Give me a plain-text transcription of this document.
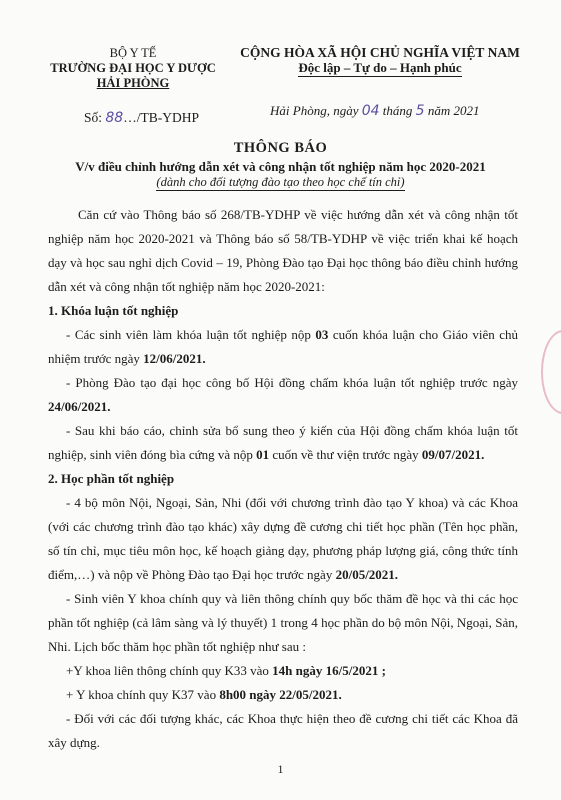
BỘ Y TẾ
TRƯỜNG ĐẠI HỌC Y DƯỢC
HẢI PHÒNG
CỘNG HÒA XÃ HỘI CHỦ NGHĨA VIỆT NAM
Độc lập – Tự do – Hạnh phúc
Số: 88…/TB-YDHP	Hải Phòng, ngày 04 tháng 5 năm 2021
THÔNG BÁO
V/v điều chỉnh hướng dẫn xét và công nhận tốt nghiệp năm học 2020-2021
(dành cho đối tượng đào tạo theo học chế tín chỉ)

Căn cứ vào Thông báo số 268/TB-YDHP về việc hướng dẫn xét và công nhận tốt nghiệp năm học 2020-2021 và Thông báo số 58/TB-YDHP về việc triển khai kế hoạch dạy và học sau nghỉ dịch Covid – 19, Phòng Đào tạo Đại học thông báo điều chỉnh hướng dẫn xét và công nhận tốt nghiệp năm học 2020-2021:

1. Khóa luận tốt nghiệp

- Các sinh viên làm khóa luận tốt nghiệp nộp 03 cuốn khóa luận cho Giáo viên chủ nhiệm trước ngày 12/06/2021.

- Phòng Đào tạo đại học công bố Hội đồng chấm khóa luận tốt nghiệp trước ngày 24/06/2021.

- Sau khi báo cáo, chỉnh sửa bổ sung theo ý kiến của Hội đồng chấm khóa luận tốt nghiệp, sinh viên đóng bìa cứng và nộp 01 cuốn về thư viện trước ngày 09/07/2021.

2. Học phần tốt nghiệp

- 4 bộ môn Nội, Ngoại, Sản, Nhi (đối với chương trình đào tạo Y khoa) và các Khoa (với các chương trình đào tạo khác) xây dựng đề cương chi tiết học phần (Tên học phần, số tín chỉ, mục tiêu môn học, kế hoạch giảng dạy, phương pháp lượng giá, công thức tính điểm,…) và nộp về Phòng Đào tạo Đại học trước ngày 20/05/2021.

- Sinh viên Y khoa chính quy và liên thông chính quy bốc thăm đề học và thi các học phần tốt nghiệp (cả lâm sàng và lý thuyết) 1 trong 4 học phần do bộ môn Nội, Ngoại, Sản, Nhi. Lịch bốc thăm học phần tốt nghiệp như sau :

+Y khoa liên thông chính quy K33 vào 14h ngày 16/5/2021 ;

+ Y khoa chính quy K37 vào 8h00 ngày 22/05/2021.

- Đối với các đối tượng khác, các Khoa thực hiện theo đề cương chi tiết các Khoa đã xây dựng.

1
